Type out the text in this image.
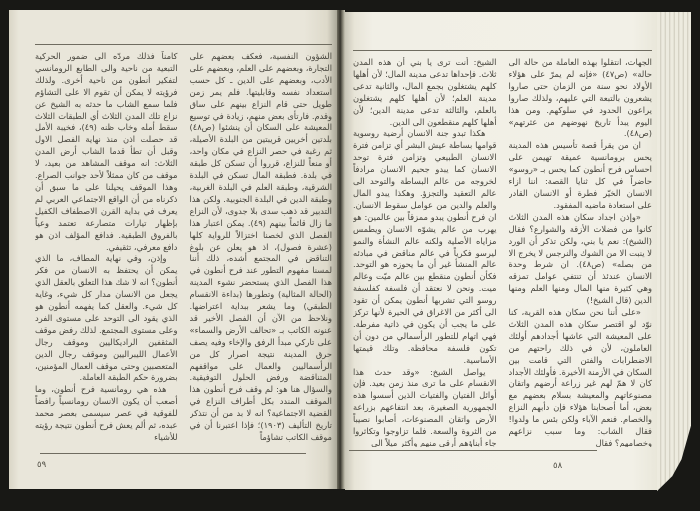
الشؤون النفسية، فعكف بعضهم على التجارة، وبعضهم على العلم، وبعضهم على الأدب، وبعضهم على الدين ـ كل حسب استعداد نفسه وقابليتها. فلم يمر زمن طويل حتى قام النزاع بينهم على ساق وقدم. فارتأى بعض منهم، زيادة في توسيع المعيشة على السكان أن ينشئوا (ص٤٨) بلدتين أخريين قريبتين من البلدة الأصيلة، ثم رغبة في حصر النزاع في مكان واحد، أو منعاً للنزاع، قرروا أن تسكن كل طبقة في بلدة. فطبقة المال تسكن في البلدة الشرقية، وطبقة العلم في البلدة الغربية، وطبقة الدين في البلدة الجنوبية. ولكن هذا التدبير قد ذهب سدى بلا جدوى، لأن النزاع ما زال قائماً بينهم (٤٩). يمكن اعتبار هذا الفصل الذي لخصنا اختزالاً للرواية كلها (عشرة فصول)، اذ هو يعلن عن بلوغ التناقض في المجتمع أشده، ذلك أننا لمسنا مفهوم التطور عند فرح أنطون في هذا الفصل الذي يستحضر نشوء المدينة (الحالة المثالية) وتطورها (بداءة الانقسام الطبقي) وما يشعر ببداية اعتراضها. ونلاحظ من الآن أن الفصل الأخير قد عنونه الكاتب بـ «تحالف الأرض والسماء» على تاركي مبدأ الرفق والإخاء وفيه يصف حرق المدينة نتيجة اصرار كل من الرأسماليين والعمال على مواقفهم المتناقضة ورفض الحلول التوفيقية. والسؤال هنا هو: لم وقف فرح أنطون هذا الموقف المندد بكل أطراف النزاع في القضية الاجتماعية؟ انه لا بد من أن نتذكر تاريخ التأليف (١٩٠٣)؛ فإذا اعتبرنا أن في موقف الكاتب تشاؤماً

كامناً فذلك مردّه الى ضمور الحركية التبعية من ناحية والى الطابع الرومانسي لتفكير أنطون من ناحية أخرى. ولذلك فرؤيته لا يمكن أن تقوم الا على التشاؤم فلما سمع الشاب ما حدثه به الشيخ عن نزاع تلك المدن الثلاث أي الطبقات الثلاث سقط أمله وخاب ظنه (٤٩)، فخيبة الأمل قد حصلت اذن منذ نهاية الفصل الاول وقبل أن تطأ قدما الشاب أرض المدن الثلاث: انه موقف المشاهد من بعيد، لا موقف من كان ممثلاً لأحد جوانب الصراع. وهذا الموقف يحيلنا على ما سبق أن ذكرناه من أن الواقع الاجتماعي العربي لم يعرف في بداية القرن الاصطفاف الكفيل بإظهار تيارات متصارعة تعتمد وعياً بالفروق الطبقية. فدافع المؤلف اذن هو دافع معرفي، تثقيفي.

وإذن، وفي نهاية المطاف، ما الذي يمكن أن يحتفظ به الانسان من فكر أنطون؟ انه لا شك هذا التعلق بالعقل الذي يجعل من الانسان مدار كل شيء، وغاية كل شيء. والعقل كما يفهمه أنطون هو الذي يقود الى التوحد على مستوى الفرد وعلى مستوى المجتمع. لذلك رفض موقف المثقفين الراديكاليين وموقف رجال الأعمال الليبراليين وموقف رجال الدين المتعصبين وحتى موقف العمال المؤمنين، بضرورة حكم الطبقة العاملة.

هذه هي رومانسية فرح أنطون، وما أصعب أن يكون الانسان رومانسياً رافضاً للفوقية في عصر سيسمى بعصر محمد عبده، ثم ألم يعش فرح أنطون نتيجة رؤيته للأشياء

٥٩

الجهات، انتقلوا بهذه العاملة من حالة الى حالة» (ص٤٧) «فإنه لم يمرّ على هؤلاء الأولاد نحو سنة من الزمان حتى صاروا يشعرون بالتبعة التي عليهم، ولذلك صاروا يراعون الحدود في سلوكهم. ومن هذا اليوم يبدأ تاريخ نهوضهم من عثرتهم» (ص٤٨).

ان من يقرأ قصة تأسيس هذه المدينة يحس برومانسية عميقة تهيمن على احساس فرح أنطون كما يحس بـ «روسو» حاضراً في كل ثنايا القصة: اننا ازاء الانسان الخيّر فطرة أو الانسان القادر على استعادة ماضيه المفقود.

«وإذن اجداد سكان هذه المدن الثلاث كانوا من فضلات الأزقة والشوارع؟ فقال (الشيخ): نعم يا بني، ولكن تذكر أن الورد لا ينبت الا من الشوك والنرجس لا يخرج الا من بصله» (ص٤٨). ان شرط وحدة الانسان عندئذ أن تنتفي عوامل تمزقه وهي كثيرة منها المال ومنها العلم ومنها الدين (قال الشيخ!)

«على أننا نحن سكان هذه القرية، كنا نوّد لو اقتصر سكان هذه المدن الثلاث على المعيشة التي عاشها أجدادهم أولئك العاملون، لأن في ذلك راحتهم من الاضطرابات والفتن التي قامت بين السكان في الأزمنة الأخيرة. فأولئك الأجداد كان لا همّ لهم غير زراعة أرضهم واتقان مصنوعاتهم والمعيشة بسلام بعضهم مع بعض، أما أصحابنا هؤلاء فإن دأبهم النزاع والخصام. فنعم الآباء ولكن بئس ما ولدوا! فقال الشاب: وما سبب نزاعهم وخصامهم؟ فقال

الشيخ: أنت ترى يا بني أن هذه المدن ثلاث. فإحداها تدعى مدينة المال؛ لأن أهلها كلهم يشتغلون بجمع المال، والثانية تدعى مدينة العلم؛ لأن أهلها كلهم يشتغلون بالعلم، والثالثة تدعى مدينة الدين؛ لأن أهلها كلهم منقطعون الى الدين.

هكذا تبدو جنة الانسان أرضية روسوية قوامها بساطة عيش البشر أي تزامن فترة الانسان الطبيعي وتزامن فترة توحد الانسان كما يبدو جحيم الانسان مرادفاً لخروجه من عالم البساطة والتوحد الى عالم التعقيد والتجزؤ. وهكذا يبدو المال والعلم والدين من عوامل سقوط الانسان. ان فرح أنطون يبدو ممزقاً بين عالمين: هو يهرب من عالم يشوّه الانسان ويطمس مزاياه الأصلية ولكنه عالم النشأة والنمو ليرسو فكرياً في عالم مناقض في مبادئه عالم المنشأ غير أن ما يحوزه هو التوحد. فكأن أنطون منقطع بين عالم ميّت وعالم ميت. ونحن لا نعتقد أن فلسفة كفلسفة روسو التي تشربها أنطون يمكن أن تقود الى أكثر من الاغراق في الحيرة لأنها تركز على ما يجب أن يكون في ذاتية مفرطة. فهي اتهام للتطور الرأسمالي من دون أن تكون فلسفة محافظة. وتلك قيمتها الأساسية.

يواصل الشيخ: «وقد حدث هذا الانقسام على ما ترى منذ زمن بعيد. فإن أوائل الفتيان والفتيات الذين أسسوا هذه الجمهورية الصغيرة، بعد انتفاعهم بزراعة الأرض واتقان المصنوعات، أصابوا نصيباً من الثروة والسعة. فلما تزاوجوا وتكاثروا جاء أبناؤهم أرقى منهم وأكثر ميلاً الى

٥٨
